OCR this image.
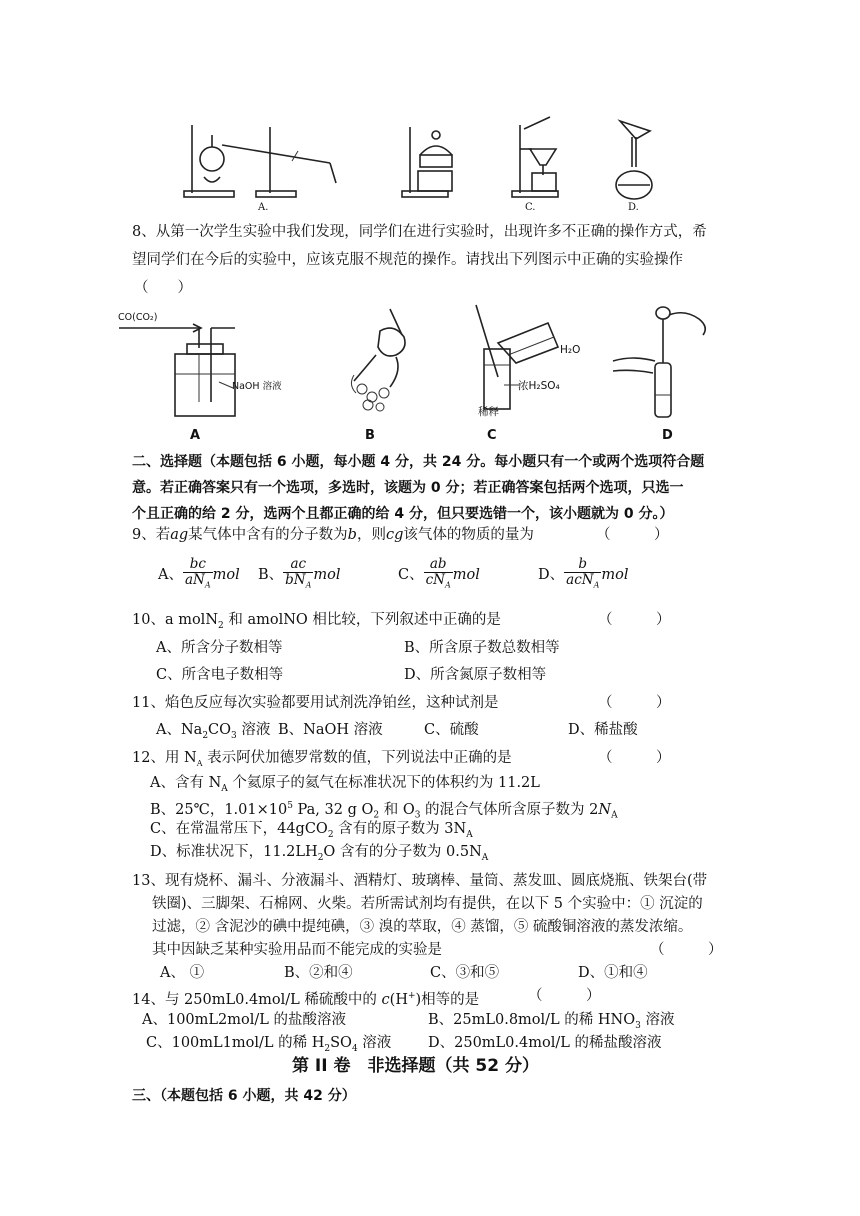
A.	C.	D.
8、从第一次学生实验中我们发现，同学们在进行实验时，出现许多不正确的操作方式，希
望同学们在今后的实验中，应该克服不规范的操作。请找出下列图示中正确的实验操作
（　　）
CO(CO₂)
NaOH 溶液
H₂O
浓H₂SO₄
稀释
A	B	C	D
二、选择题（本题包括 6 小题，每小题 4 分，共 24 分。每小题只有一个或两个选项符合题
意。若正确答案只有一个选项，多选时，该题为 0 分；若正确答案包括两个选项，只选一
个且正确的给 2 分，选两个且都正确的给 4 分，但只要选错一个，该小题就为 0 分。）
9、若ag某气体中含有的分子数为b，则cg该气体的物质的量为	（　　　）
A、 $\frac{bc}{aN_A}$ mol B、 $\frac{ac}{bN_A}$ mol	C、 $\frac{ab}{cN_A}$ mol	D、 $\frac{b}{acN_A}$ mol
10、a molN$_2$ 和 amolNO 相比较，下列叙述中正确的是	（　　　）
A、所含分子数相等	B、所含原子数总数相等
C、所含电子数相等	D、所含氮原子数相等
11、焰色反应每次实验都要用试剂洗净铂丝，这种试剂是	（　　　）
A、$Na_2CO_3$ 溶液 B、NaOH 溶液	C、硫酸	D、稀盐酸
12、用 $N_A$ 表示阿伏加德罗常数的值，下列说法中正确的是	（　　　）
A、含有 $N_A$ 个氦原子的氦气在标准状况下的体积约为 11.2L
B、25℃，$1.01\times 10^5$ Pa, 32 g $O_2$ 和 $O_3$ 的混合气体所含原子数为 $2N_A$
C、在常温常压下，44gCO$_2$ 含有的原子数为 $3N_A$
D、标准状况下，$11.2LH_2O$ 含有的分子数为 $0.5N_A$
13、现有烧杯、漏斗、分液漏斗、酒精灯、玻璃棒、量筒、蒸发皿、圆底烧瓶、铁架台(带
铁圈)、三脚架、石棉网、火柴。若所需试剂均有提供，在以下 5 个实验中：① 沉淀的
过滤，② 含泥沙的碘中提纯碘，③ 溴的萃取，④ 蒸馏，⑤ 硫酸铜溶液的蒸发浓缩。
其中因缺乏某种实验用品而不能完成的实验是	（　　　）
A、 ①	B、②和④	C、③和⑤	D、①和④
14、与 250mL0.4mol/L 稀硫酸中的 c(H+)相等的是	（　　　）
A、100mL2mol/L 的盐酸溶液	B、25mL0.8mol/L 的稀 $HNO_3$ 溶液
C、100mL1mol/L 的稀 $H_2SO_4$ 溶液	D、250mL0.4mol/L 的稀盐酸溶液
第 II 卷　非选择题（共 52 分）
三、（本题包括 6 小题，共 42 分）
